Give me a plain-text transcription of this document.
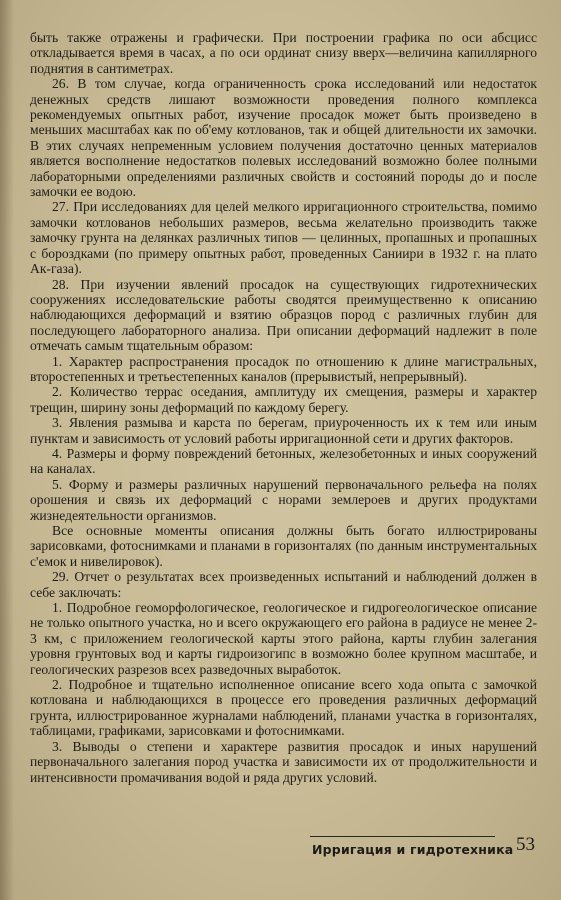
быть также отражены и графически. При построении графика по оси абсцисс откладывается время в часах, а по оси ординат снизу вверх—величина капиллярного поднятия в сантиметрах.

26. В том случае, когда ограниченность срока исследований или недостаток денежных средств лишают возможности проведения полного комплекса рекомендуемых опытных работ, изучение просадок может быть произведено в меньших масштабах как по об'ему котлованов, так и общей длительности их замочки. В этих случаях непременным условием получения достаточно ценных материалов является восполнение недостатков полевых исследований возможно более полными лабораторными определениями различных свойств и состояний породы до и после замочки ее водою.

27. При исследованиях для целей мелкого ирригационного строительства, помимо замочки котлованов небольших размеров, весьма желательно производить также замочку грунта на делянках различных типов — целинных, пропашных и пропашных с бороздками (по примеру опытных работ, проведенных Саниири в 1932 г. на плато Ак-газа).

28. При изучении явлений просадок на существующих гидротехнических сооружениях исследовательские работы сводятся преимущественно к описанию наблюдающихся деформаций и взятию образцов пород с различных глубин для последующего лабораторного анализа. При описании деформаций надлежит в поле отмечать самым тщательным образом:

1. Характер распространения просадок по отношению к длине магистральных, второстепенных и третьестепенных каналов (прерывистый, непрерывный).

2. Количество террас оседания, амплитуду их смещения, размеры и характер трещин, ширину зоны деформаций по каждому берегу.

3. Явления размыва и карста по берегам, приуроченность их к тем или иным пунктам и зависимость от условий работы ирригационной сети и других факторов.

4. Размеры и форму повреждений бетонных, железобетонных и иных сооружений на каналах.

5. Форму и размеры различных нарушений первоначального рельефа на полях орошения и связь их деформаций с норами землероев и других продуктами жизнедеятельности организмов.

Все основные моменты описания должны быть богато иллюстрированы зарисовками, фотоснимками и планами в горизонталях (по данным инструментальных с'емок и нивелировок).

29. Отчет о результатах всех произведенных испытаний и наблюдений должен в себе заключать:

1. Подробное геоморфологическое, геологическое и гидрогеологическое описание не только опытного участка, но и всего окружающего его района в радиусе не менее 2-3 км, с приложением геологической карты этого района, карты глубин залегания уровня грунтовых вод и карты гидроизогипс в возможно более крупном масштабе, и геологических разрезов всех разведочных выработок.

2. Подробное и тщательно исполненное описание всего хода опыта с замочкой котлована и наблюдающихся в процессе его проведения различных деформаций грунта, иллюстрированное журналами наблюдений, планами участка в горизонталях, таблицами, графиками, зарисовками и фотоснимками.

3. Выводы о степени и характере развития просадок и иных нарушений первоначального залегания пород участка и зависимости их от продолжительности и интенсивности промачивания водой и ряда других условий.

Ирригация и гидротехника 53
